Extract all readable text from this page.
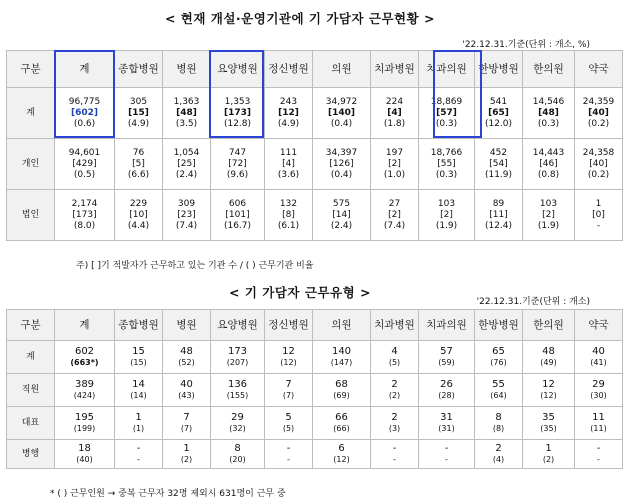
< 현재 개설·운영기관에 기 가담자 근무현황 >
'22.12.31.기준(단위 : 개소, %)
구분	계	종합병원	병원	요양병원	정신병원	의원	치과병원	치과의원	한방병원	한의원	약국
계	96,775
[602]
(0.6)	305
[15]
(4.9)	1,363
[48]
(3.5)	1,353
[173]
(12.8)	243
[12]
(4.9)	34,972
[140]
(0.4)	224
[4]
(1.8)	18,869
[57]
(0.3)	541
[65]
(12.0)	14,546
[48]
(0.3)	24,359
[40]
(0.2)

개인	94,601
[429]
(0.5)	76
[5]
(6.6)	1,054
[25]
(2.4)	747
[72]
(9.6)	111
[4]
(3.6)	34,397
[126]
(0.4)	197
[2]
(1.0)	18,766
[55]
(0.3)	452
[54]
(11.9)	14,443
[46]
(0.8)	24,358
[40]
(0.2)

법인	2,174
[173]
(8.0)	229
[10]
(4.4)	309
[23]
(7.4)	606
[101]
(16.7)	132
[8]
(6.1)	575
[14]
(2.4)	27
[2]
(7.4)	103
[2]
(1.9)	89
[11]
(12.4)	103
[2]
(1.9)	1
[0]
-
주) [ ]기 적발자가 근무하고 있는 기관 수 / ( ) 근무기관 비율
< 기 가담자 근무유형 >
'22.12.31.기준(단위 : 개소)
구분	계	종합병원	병원	요양병원	정신병원	의원	치과병원	치과의원	한방병원	한의원	약국
계	602
(663*)	15
(15)	48
(52)	173
(207)	12
(12)	140
(147)	4
(5)	57
(59)	65
(76)	48
(49)	40
(41)

직원	389
(424)	14
(14)	40
(43)	136
(155)	7
(7)	68
(69)	2
(2)	26
(28)	55
(64)	12
(12)	29
(30)

대표	195
(199)	1
(1)	7
(7)	29
(32)	5
(5)	66
(66)	2
(3)	31
(31)	8
(8)	35
(35)	11
(11)

병행	18
(40)	-
-	1
(2)	8
(20)	-
-	6
(12)	-
-	-
-	2
(4)	1
(2)	-
-
* ( ) 근무인원 → 중복 근무자 32명 제외시 631명이 근무 중
